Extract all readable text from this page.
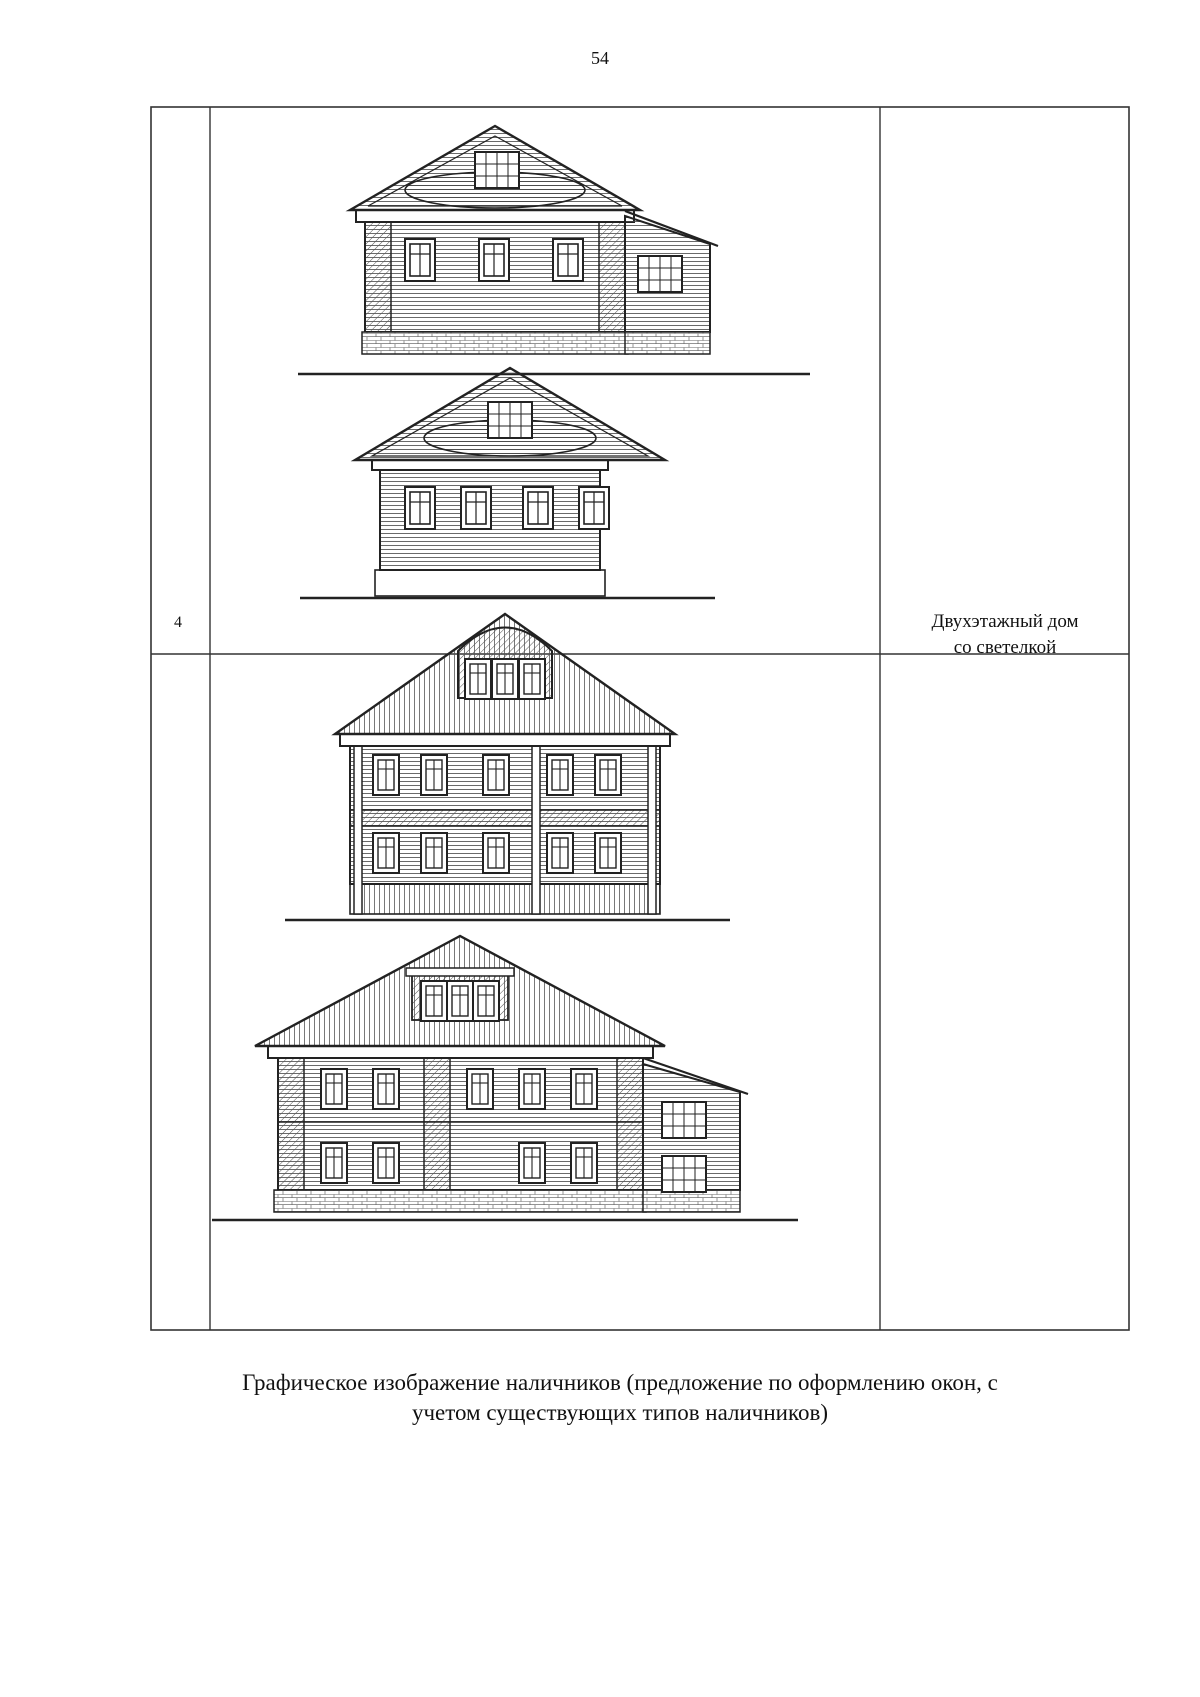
54
4	Двухэтажный дом
со светелкой
Графическое изображение наличников (предложение по оформлению окон, с
учетом существующих типов наличников)
